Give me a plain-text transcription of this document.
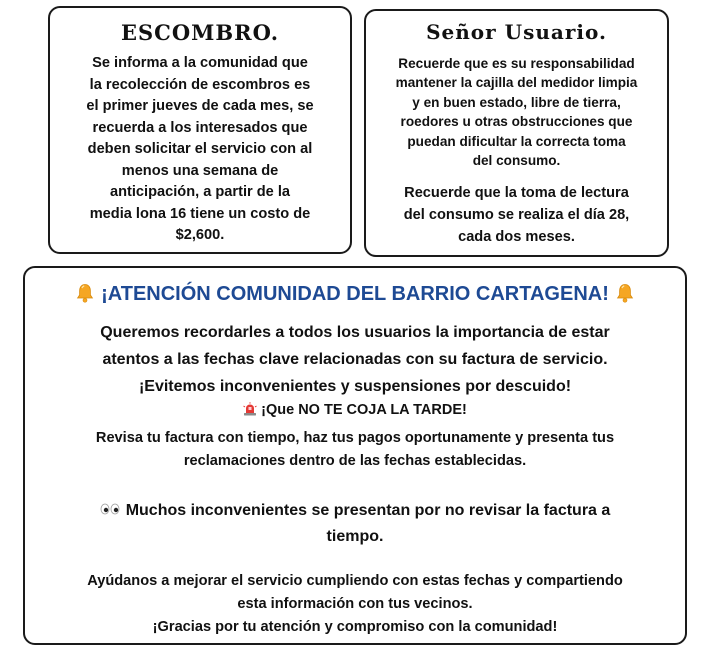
ESCOMBRO.

Se informa a la comunidad que
la recolección de escombros es
el primer jueves de cada mes, se
recuerda a los interesados que
deben solicitar el servicio con al
menos una semana de
anticipación, a partir de la
media lona 16 tiene un costo de
$2,600.

Señor Usuario.

Recuerde que es su responsabilidad
mantener la cajilla del medidor limpia
y en buen estado, libre de tierra,
roedores u otras obstrucciones que
puedan dificultar la correcta toma
del consumo.

Recuerde que la toma de lectura
del consumo se realiza el día 28,
cada dos meses.

¡ATENCIÓN COMUNIDAD DEL BARRIO CARTAGENA!

Queremos recordarles a todos los usuarios la importancia de estar
atentos a las fechas clave relacionadas con su factura de servicio.
¡Evitemos inconvenientes y suspensiones por descuido!

¡Que NO TE COJA LA TARDE!

Revisa tu factura con tiempo, haz tus pagos oportunamente y presenta tus
reclamaciones dentro de las fechas establecidas.

Muchos inconvenientes se presentan por no revisar la factura a
tiempo.

Ayúdanos a mejorar el servicio cumpliendo con estas fechas y compartiendo
esta información con tus vecinos.
¡Gracias por tu atención y compromiso con la comunidad!
